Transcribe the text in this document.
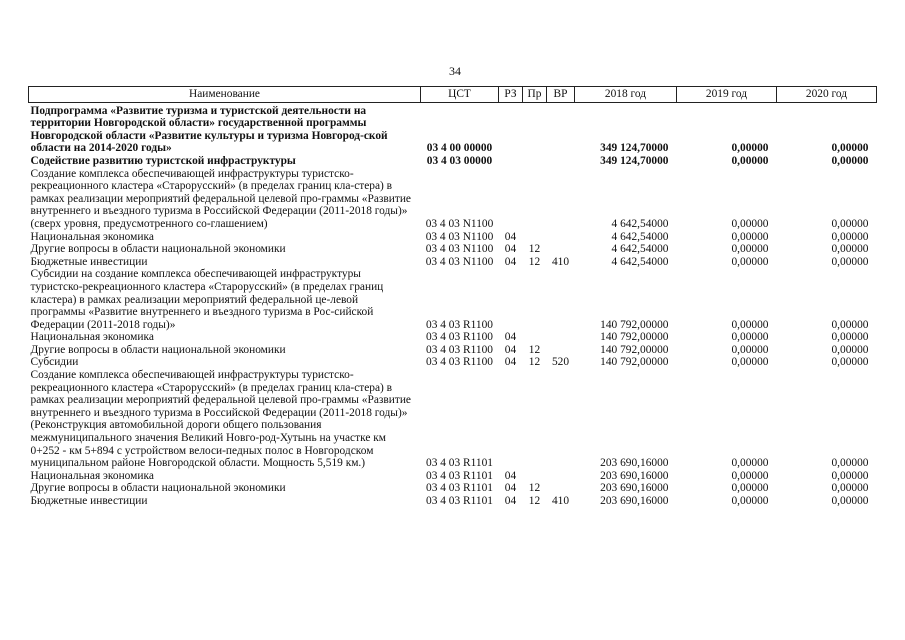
34
Наименование	ЦСТ	РЗ	Пр	ВР	2018 год	2019 год	2020 год
Подпрограмма «Развитие туризма и туристской деятельности на территории Новгородской области» государственной программы Новгородской области «Развитие культуры и туризма Новгород-ской области на 2014-2020 годы»	03 4 00 00000				349 124,70000	0,00000	0,00000
Содействие развитию туристской инфраструктуры	03 4 03 00000				349 124,70000	0,00000	0,00000
Создание комплекса обеспечивающей инфраструктуры туристско-рекреационного кластера «Старорусский» (в пределах границ кла-стера) в рамках реализации мероприятий федеральной целевой про-граммы «Развитие внутреннего и въездного туризма в Российской Федерации (2011-2018 годы)» (сверх уровня, предусмотренного со-глашением)	03 4 03 N1100				4 642,54000	0,00000	0,00000
Национальная экономика	03 4 03 N1100	04			4 642,54000	0,00000	0,00000
Другие вопросы в области национальной экономики	03 4 03 N1100	04	12		4 642,54000	0,00000	0,00000
Бюджетные инвестиции	03 4 03 N1100	04	12	410	4 642,54000	0,00000	0,00000
Субсидии на создание комплекса обеспечивающей инфраструктуры туристско-рекреационного кластера «Старорусский» (в пределах границ кластера) в рамках реализации мероприятий федеральной це-левой программы «Развитие внутреннего и въездного туризма в Рос-сийской Федерации (2011-2018 годы)»	03 4 03 R1100				140 792,00000	0,00000	0,00000
Национальная экономика	03 4 03 R1100	04			140 792,00000	0,00000	0,00000
Другие вопросы в области национальной экономики	03 4 03 R1100	04	12		140 792,00000	0,00000	0,00000
Субсидии	03 4 03 R1100	04	12	520	140 792,00000	0,00000	0,00000
Создание комплекса обеспечивающей инфраструктуры туристско-рекреационного кластера «Старорусский» (в пределах границ кла-стера) в рамках реализации мероприятий федеральной целевой про-граммы «Развитие внутреннего и въездного туризма в Российской Федерации (2011-2018 годы)» (Реконструкция автомобильной дороги общего пользования межмуниципального значения Великий Новго-род-Хутынь на участке км 0+252 - км 5+894 с устройством велоси-педных полос в Новгородском муниципальном районе Новгородской области. Мощность 5,519 км.)	03 4 03 R1101				203 690,16000	0,00000	0,00000
Национальная экономика	03 4 03 R1101	04			203 690,16000	0,00000	0,00000
Другие вопросы в области национальной экономики	03 4 03 R1101	04	12		203 690,16000	0,00000	0,00000
Бюджетные инвестиции	03 4 03 R1101	04	12	410	203 690,16000	0,00000	0,00000
